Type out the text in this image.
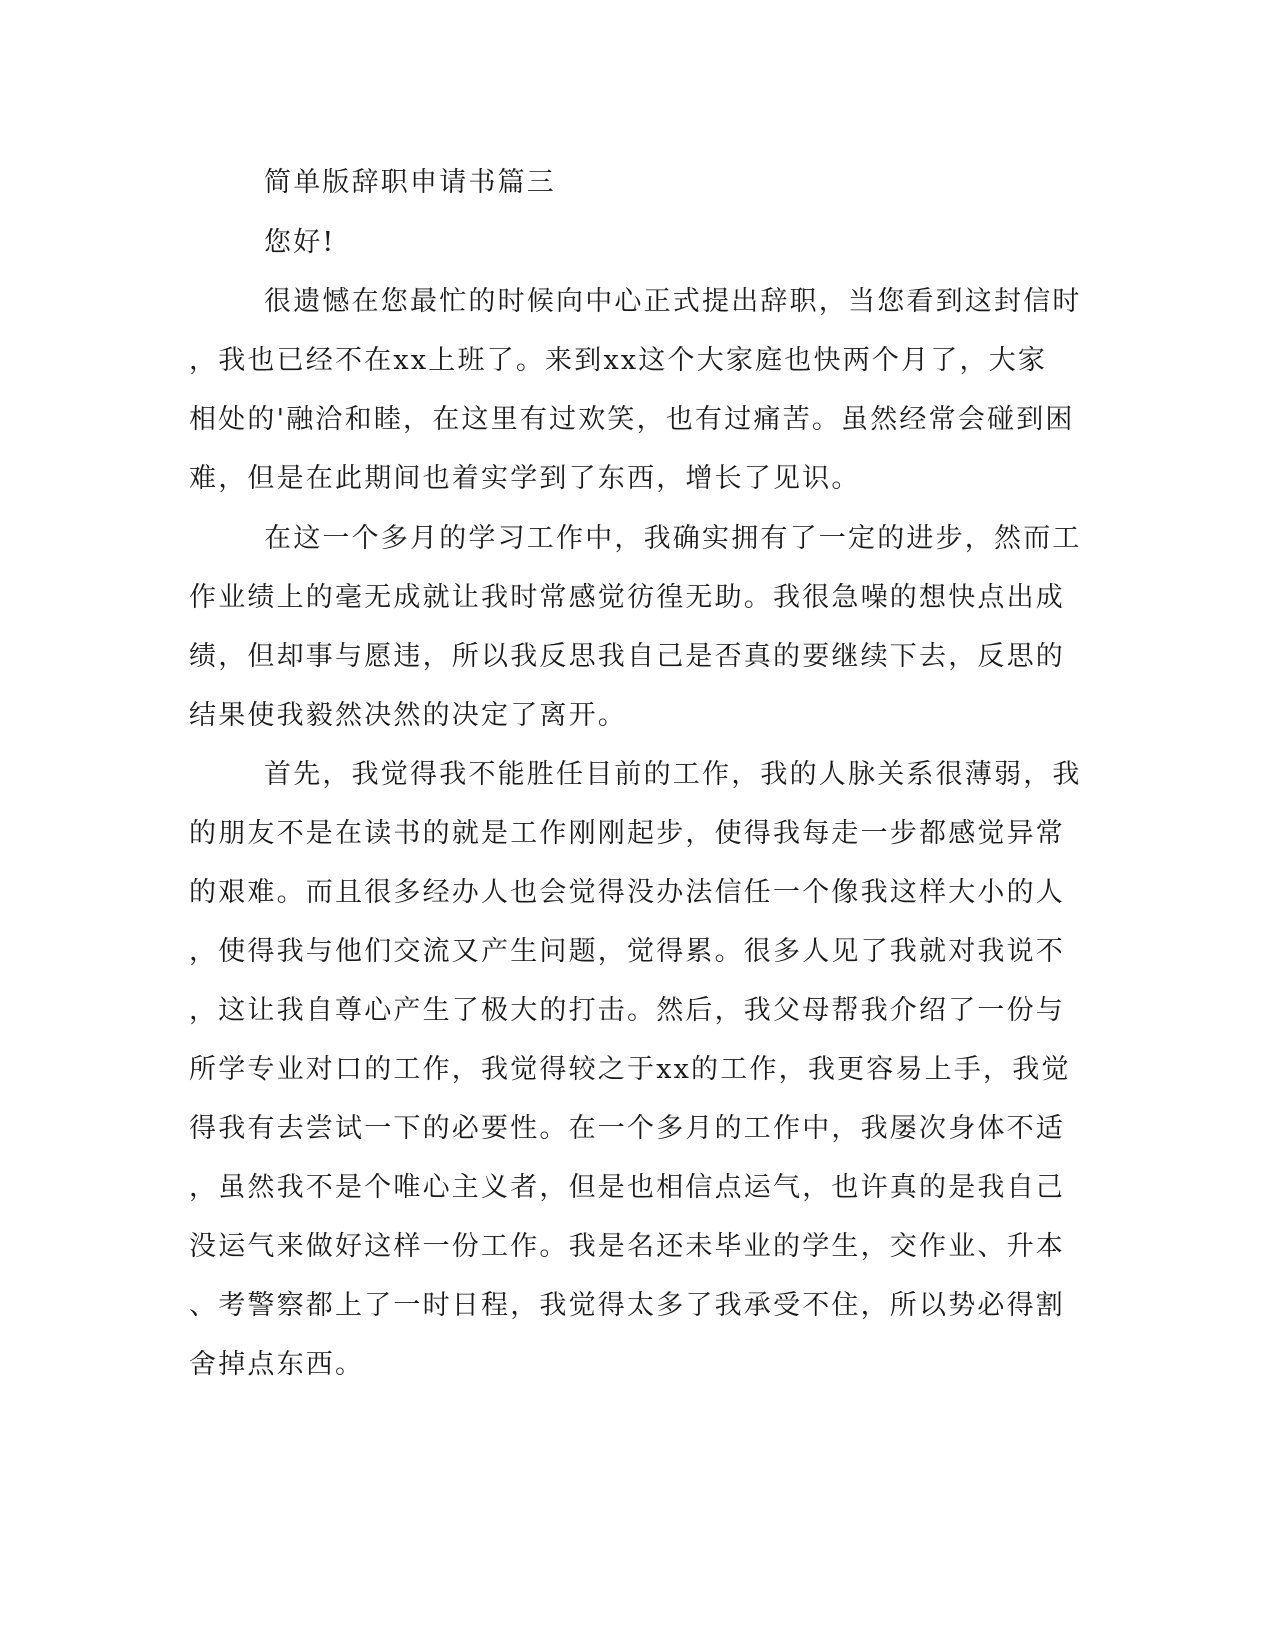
简单版辞职申请书篇三
您好!
很遗憾在您最忙的时候向中心正式提出辞职，当您看到这封信时
，我也已经不在xx上班了。来到xx这个大家庭也快两个月了，大家
相处的'融洽和睦，在这里有过欢笑，也有过痛苦。虽然经常会碰到困
难，但是在此期间也着实学到了东西，增长了见识。
在这一个多月的学习工作中，我确实拥有了一定的进步，然而工
作业绩上的毫无成就让我时常感觉彷徨无助。我很急噪的想快点出成
绩，但却事与愿违，所以我反思我自己是否真的要继续下去，反思的
结果使我毅然决然的决定了离开。
首先，我觉得我不能胜任目前的工作，我的人脉关系很薄弱，我
的朋友不是在读书的就是工作刚刚起步，使得我每走一步都感觉异常
的艰难。而且很多经办人也会觉得没办法信任一个像我这样大小的人
，使得我与他们交流又产生问题，觉得累。很多人见了我就对我说不
，这让我自尊心产生了极大的打击。然后，我父母帮我介绍了一份与
所学专业对口的工作，我觉得较之于xx的工作，我更容易上手，我觉
得我有去尝试一下的必要性。在一个多月的工作中，我屡次身体不适
，虽然我不是个唯心主义者，但是也相信点运气，也许真的是我自己
没运气来做好这样一份工作。我是名还未毕业的学生，交作业、升本
、考警察都上了一时日程，我觉得太多了我承受不住，所以势必得割
舍掉点东西。
